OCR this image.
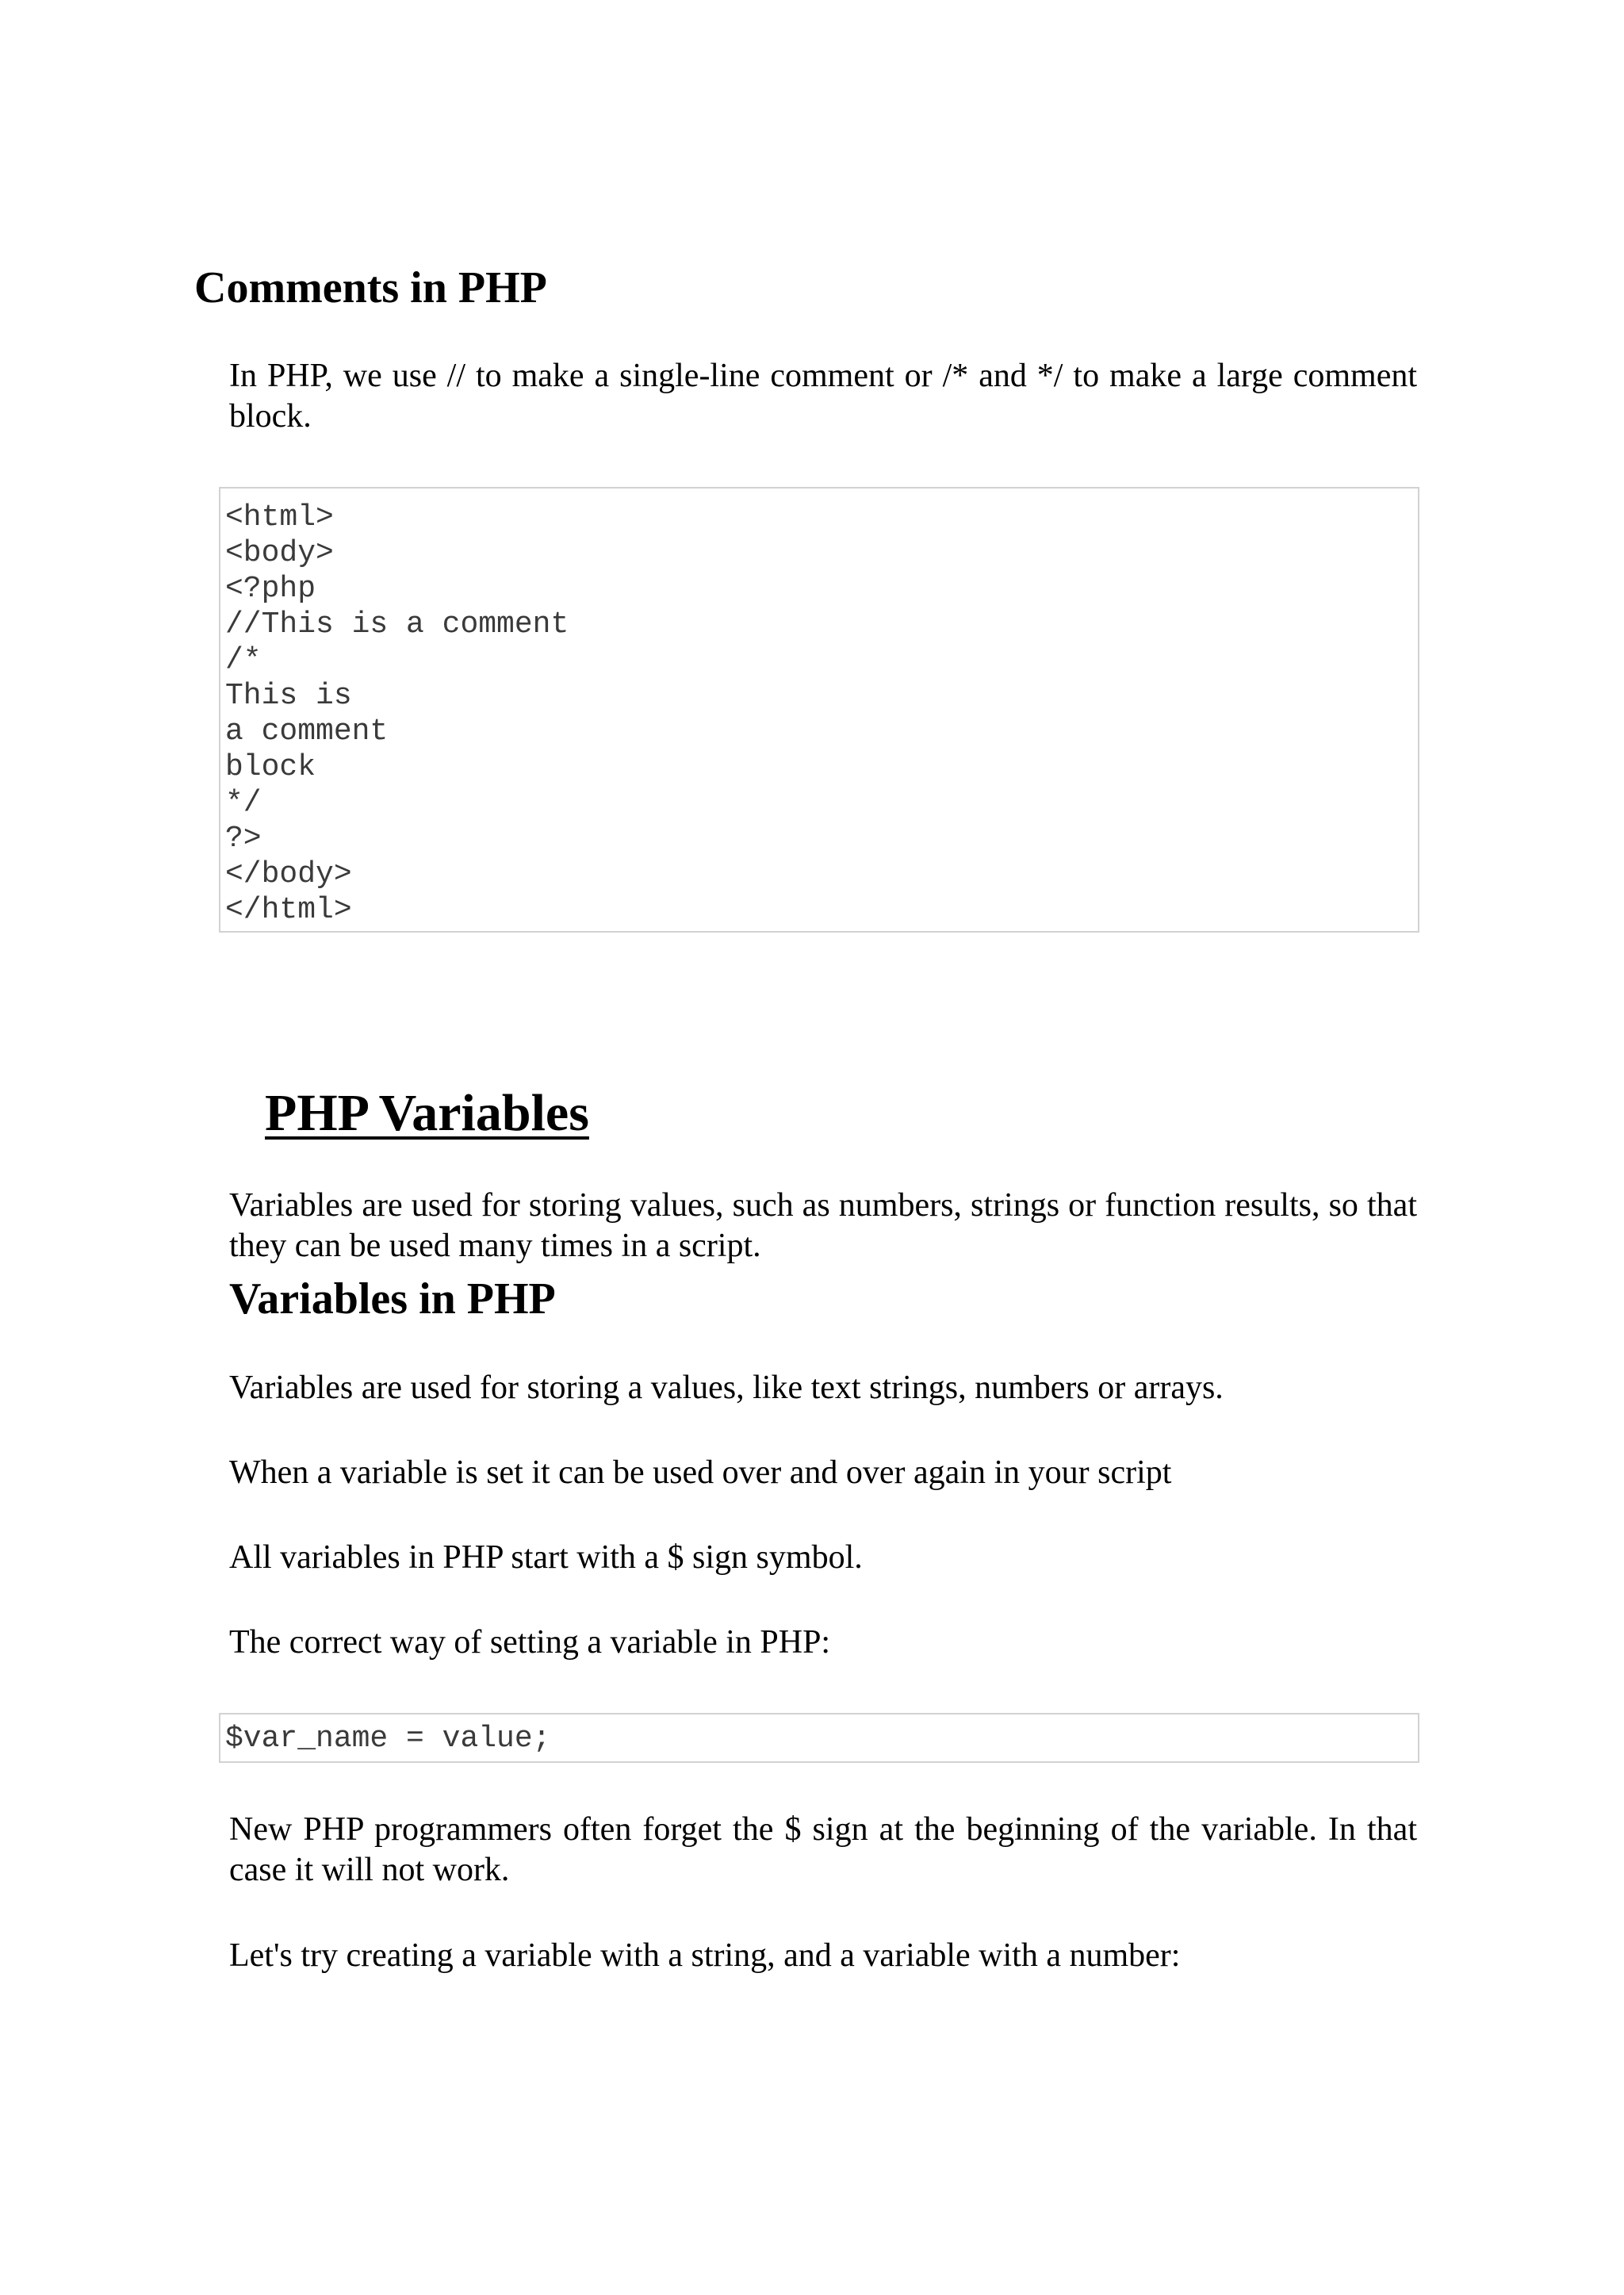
Comments in PHP

In PHP, we use // to make a single-line comment or /* and */ to make a large comment block.

<html>
<body>
<?php
//This is a comment
/*
This is
a comment
block
*/
?>
</body>
</html>
PHP Variables

Variables are used for storing values, such as numbers, strings or function results, so that they can be used many times in a script.

Variables in PHP

Variables are used for storing a values, like text strings, numbers or arrays.

When a variable is set it can be used over and over again in your script

All variables in PHP start with a $ sign symbol.

The correct way of setting a variable in PHP:

$var_name = value;

New PHP programmers often forget the $ sign at the beginning of the variable. In that case it will not work.

Let's try creating a variable with a string, and a variable with a number:
